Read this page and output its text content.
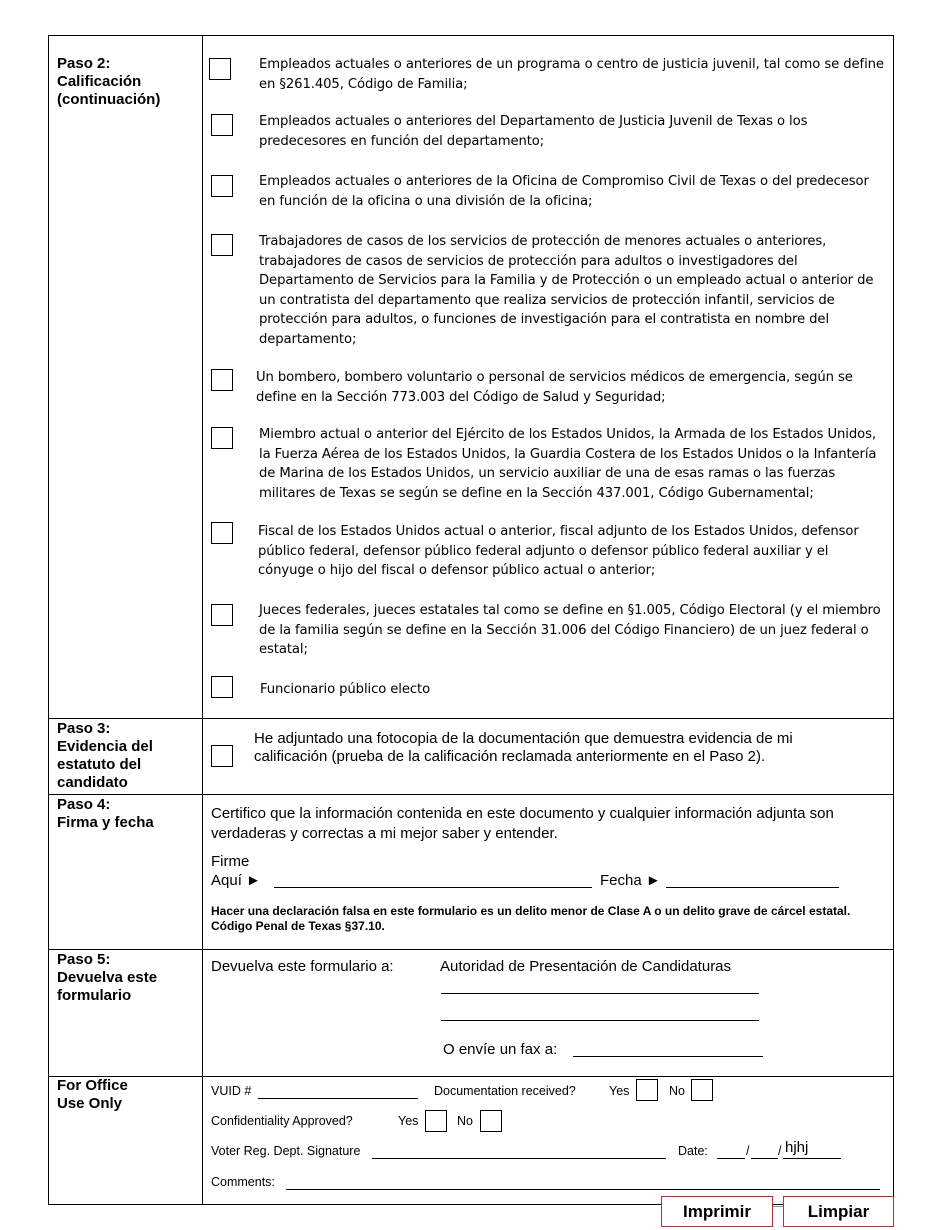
Paso 2:
Calificación
(continuación)
Empleados actuales o anteriores de un programa o centro de justicia juvenil, tal como se define en §261.405, Código de Familia;
Empleados actuales o anteriores del Departamento de Justicia Juvenil de Texas o los predecesores en función del departamento;
Empleados actuales o anteriores de la Oficina de Compromiso Civil de Texas o del predecesor en función de la oficina o una división de la oficina;
Trabajadores de casos de los servicios de protección de menores actuales o anteriores, trabajadores de casos de servicios de protección para adultos o investigadores del Departamento de Servicios para la Familia y de Protección o un empleado actual o anterior de un contratista del departamento que realiza servicios de protección infantil, servicios de protección para adultos, o funciones de investigación para el contratista en nombre del departamento;
Un bombero, bombero voluntario o personal de servicios médicos de emergencia, según se define en la Sección 773.003 del Código de Salud y Seguridad;
Miembro actual o anterior del Ejército de los Estados Unidos, la Armada de los Estados Unidos, la Fuerza Aérea de los Estados Unidos, la Guardia Costera de los Estados Unidos o la Infantería de Marina de los Estados Unidos, un servicio auxiliar de una de esas ramas o las fuerzas militares de Texas se según se define en la Sección 437.001, Código Gubernamental;
Fiscal de los Estados Unidos actual o anterior, fiscal adjunto de los Estados Unidos, defensor público federal, defensor público federal adjunto o defensor público federal auxiliar y el cónyuge o hijo del fiscal o defensor público actual o anterior;
Jueces federales, jueces estatales tal como se define en §1.005, Código Electoral (y el miembro de la familia según se define en la Sección 31.006 del Código Financiero) de un juez federal o estatal;
Funcionario público electo
Paso 3:
Evidencia del
estatuto del
candidato
He adjuntado una fotocopia de la documentación que demuestra evidencia de mi calificación (prueba de la calificación reclamada anteriormente en el Paso 2).
Paso 4:
Firma y fecha
Certifico que la información contenida en este documento y cualquier información adjunta son verdaderas y correctas a mi mejor saber y entender.
Firme
Aquí ►	Fecha ►
Hacer una declaración falsa en este formulario es un delito menor de Clase A o un delito grave de cárcel estatal. Código Penal de Texas §37.10.
Paso 5:
Devuelva este
formulario
Devuelva este formulario a:	Autoridad de Presentación de Candidaturas
O envíe un fax a:
For Office
Use Only
VUID #	Documentation received?	Yes	No
Confidentiality Approved?	Yes	No
Voter Reg. Dept. Signature	Date:	/ / hjhj
Comments:
Imprimir	Limpiar
